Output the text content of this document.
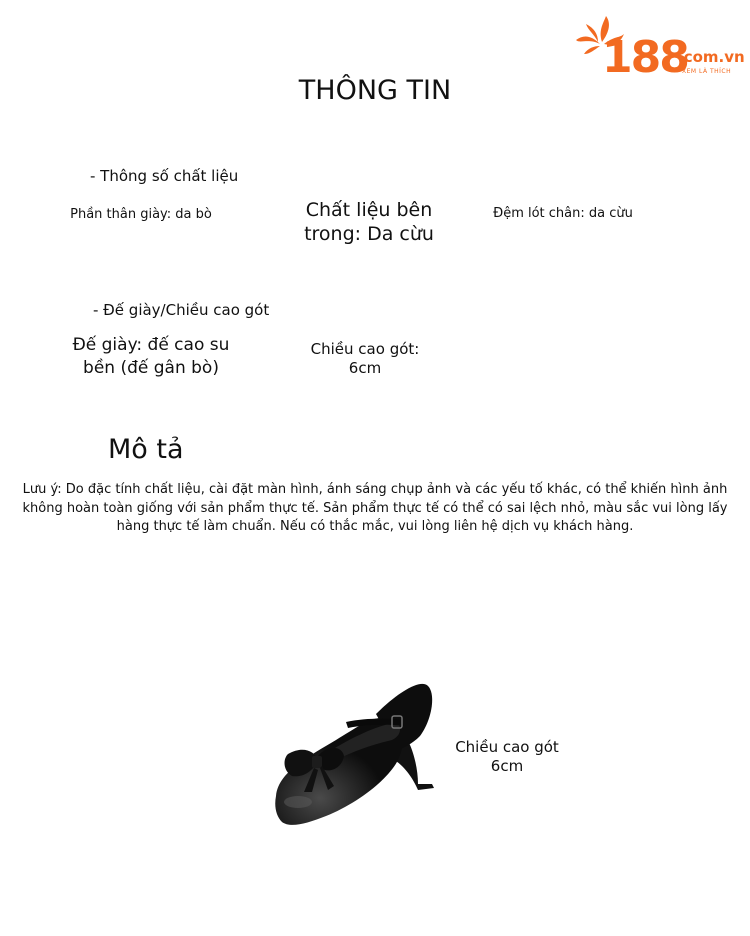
188
.com.vn
XEM LÀ THÍCH
THÔNG TIN
- Thông số chất liệu
Phần thân giày: da bò	Chất liệu bên trong: Da cừu
Đệm lót chân: da cừu
- Đế giày/Chiều cao gót
Đế giày: đế cao su bền (đế gân bò)
Chiều cao gót: 6cm
Mô tả
Lưu ý: Do đặc tính chất liệu, cài đặt màn hình, ánh sáng chụp ảnh và các yếu tố khác, có thể khiến hình ảnh không hoàn toàn giống với sản phẩm thực tế. Sản phẩm thực tế có thể có sai lệch nhỏ, màu sắc vui lòng lấy hàng thực tế làm chuẩn. Nếu có thắc mắc, vui lòng liên hệ dịch vụ khách hàng.
Chiều cao gót 6cm
